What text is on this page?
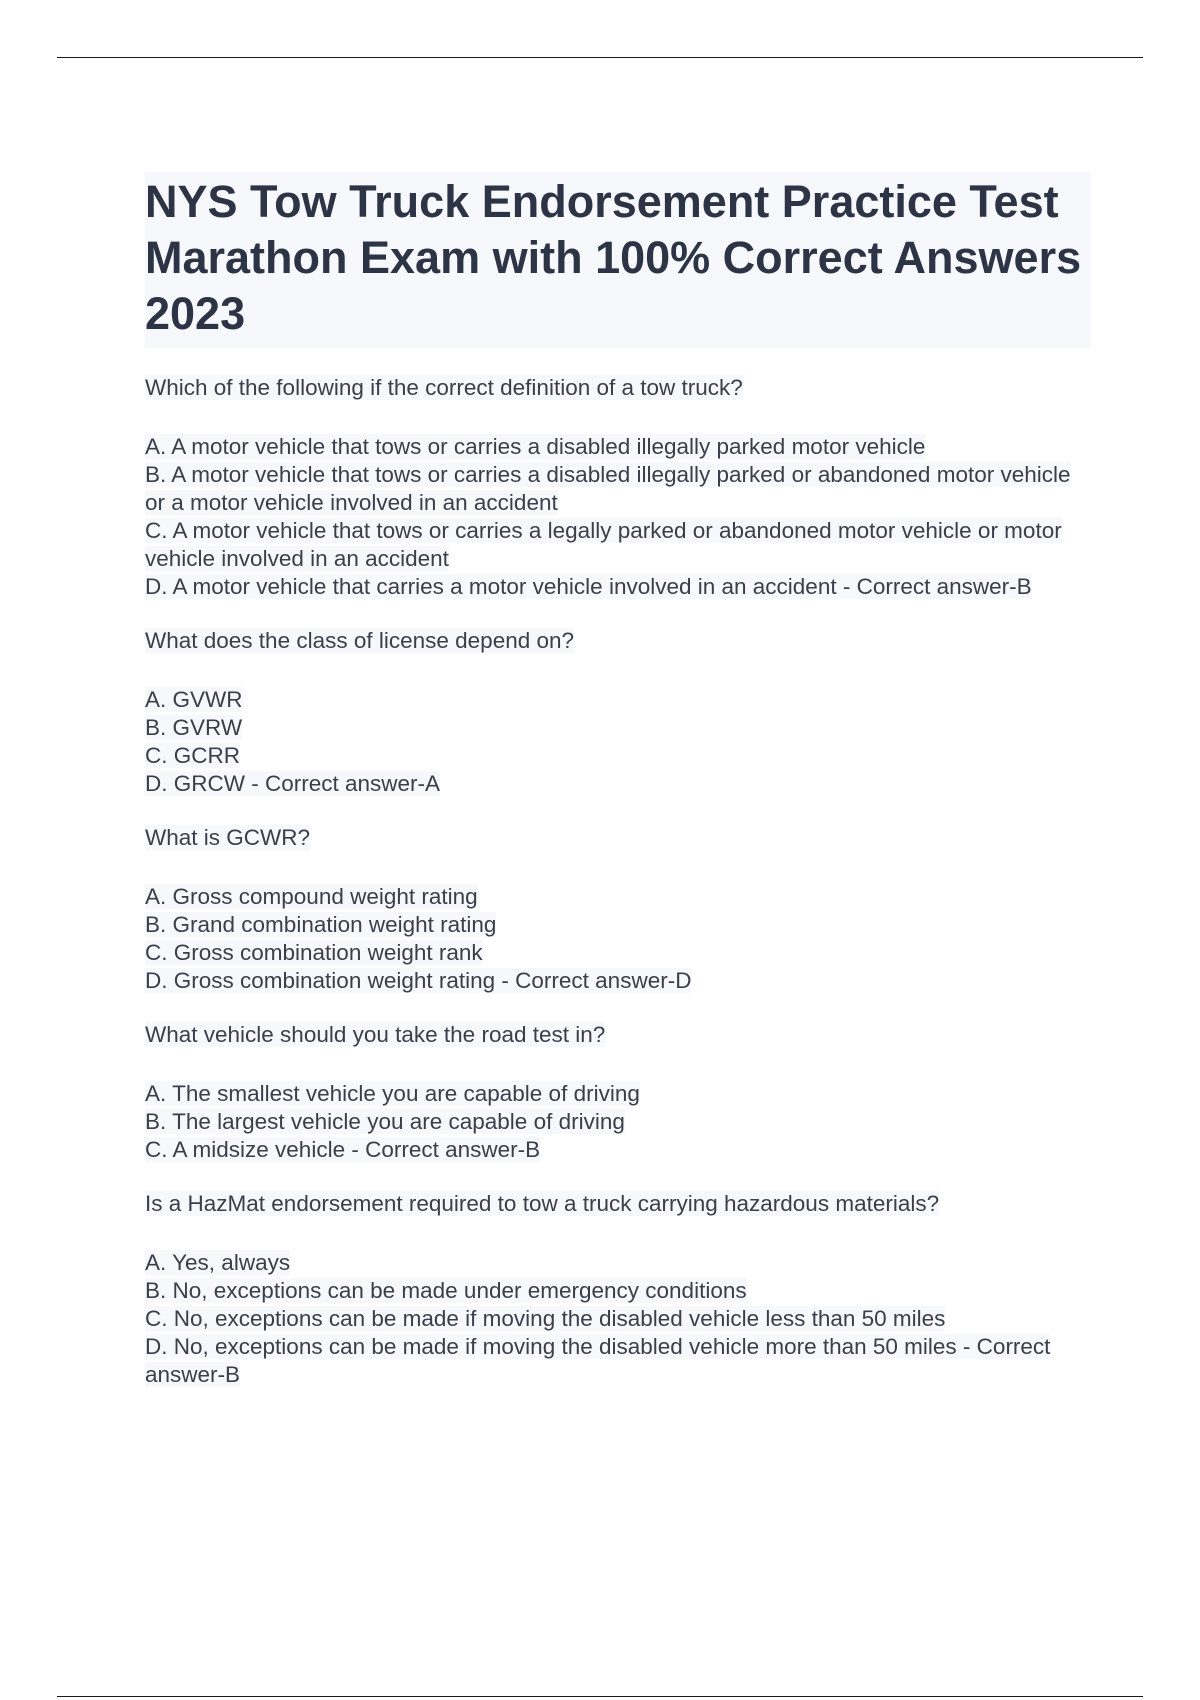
NYS Tow Truck Endorsement Practice Test Marathon Exam with 100% Correct Answers 2023

Which of the following if the correct definition of a tow truck?

A. A motor vehicle that tows or carries a disabled illegally parked motor vehicle
B. A motor vehicle that tows or carries a disabled illegally parked or abandoned motor vehicle or a motor vehicle involved in an accident
C. A motor vehicle that tows or carries a legally parked or abandoned motor vehicle or motor vehicle involved in an accident
D. A motor vehicle that carries a motor vehicle involved in an accident - Correct answer-B

What does the class of license depend on?

A. GVWR
B. GVRW
C. GCRR
D. GRCW - Correct answer-A

What is GCWR?

A. Gross compound weight rating
B. Grand combination weight rating
C. Gross combination weight rank
D. Gross combination weight rating - Correct answer-D

What vehicle should you take the road test in?

A. The smallest vehicle you are capable of driving
B. The largest vehicle you are capable of driving
C. A midsize vehicle - Correct answer-B

Is a HazMat endorsement required to tow a truck carrying hazardous materials?

A. Yes, always
B. No, exceptions can be made under emergency conditions
C. No, exceptions can be made if moving the disabled vehicle less than 50 miles
D. No, exceptions can be made if moving the disabled vehicle more than 50 miles - Correct answer-B
